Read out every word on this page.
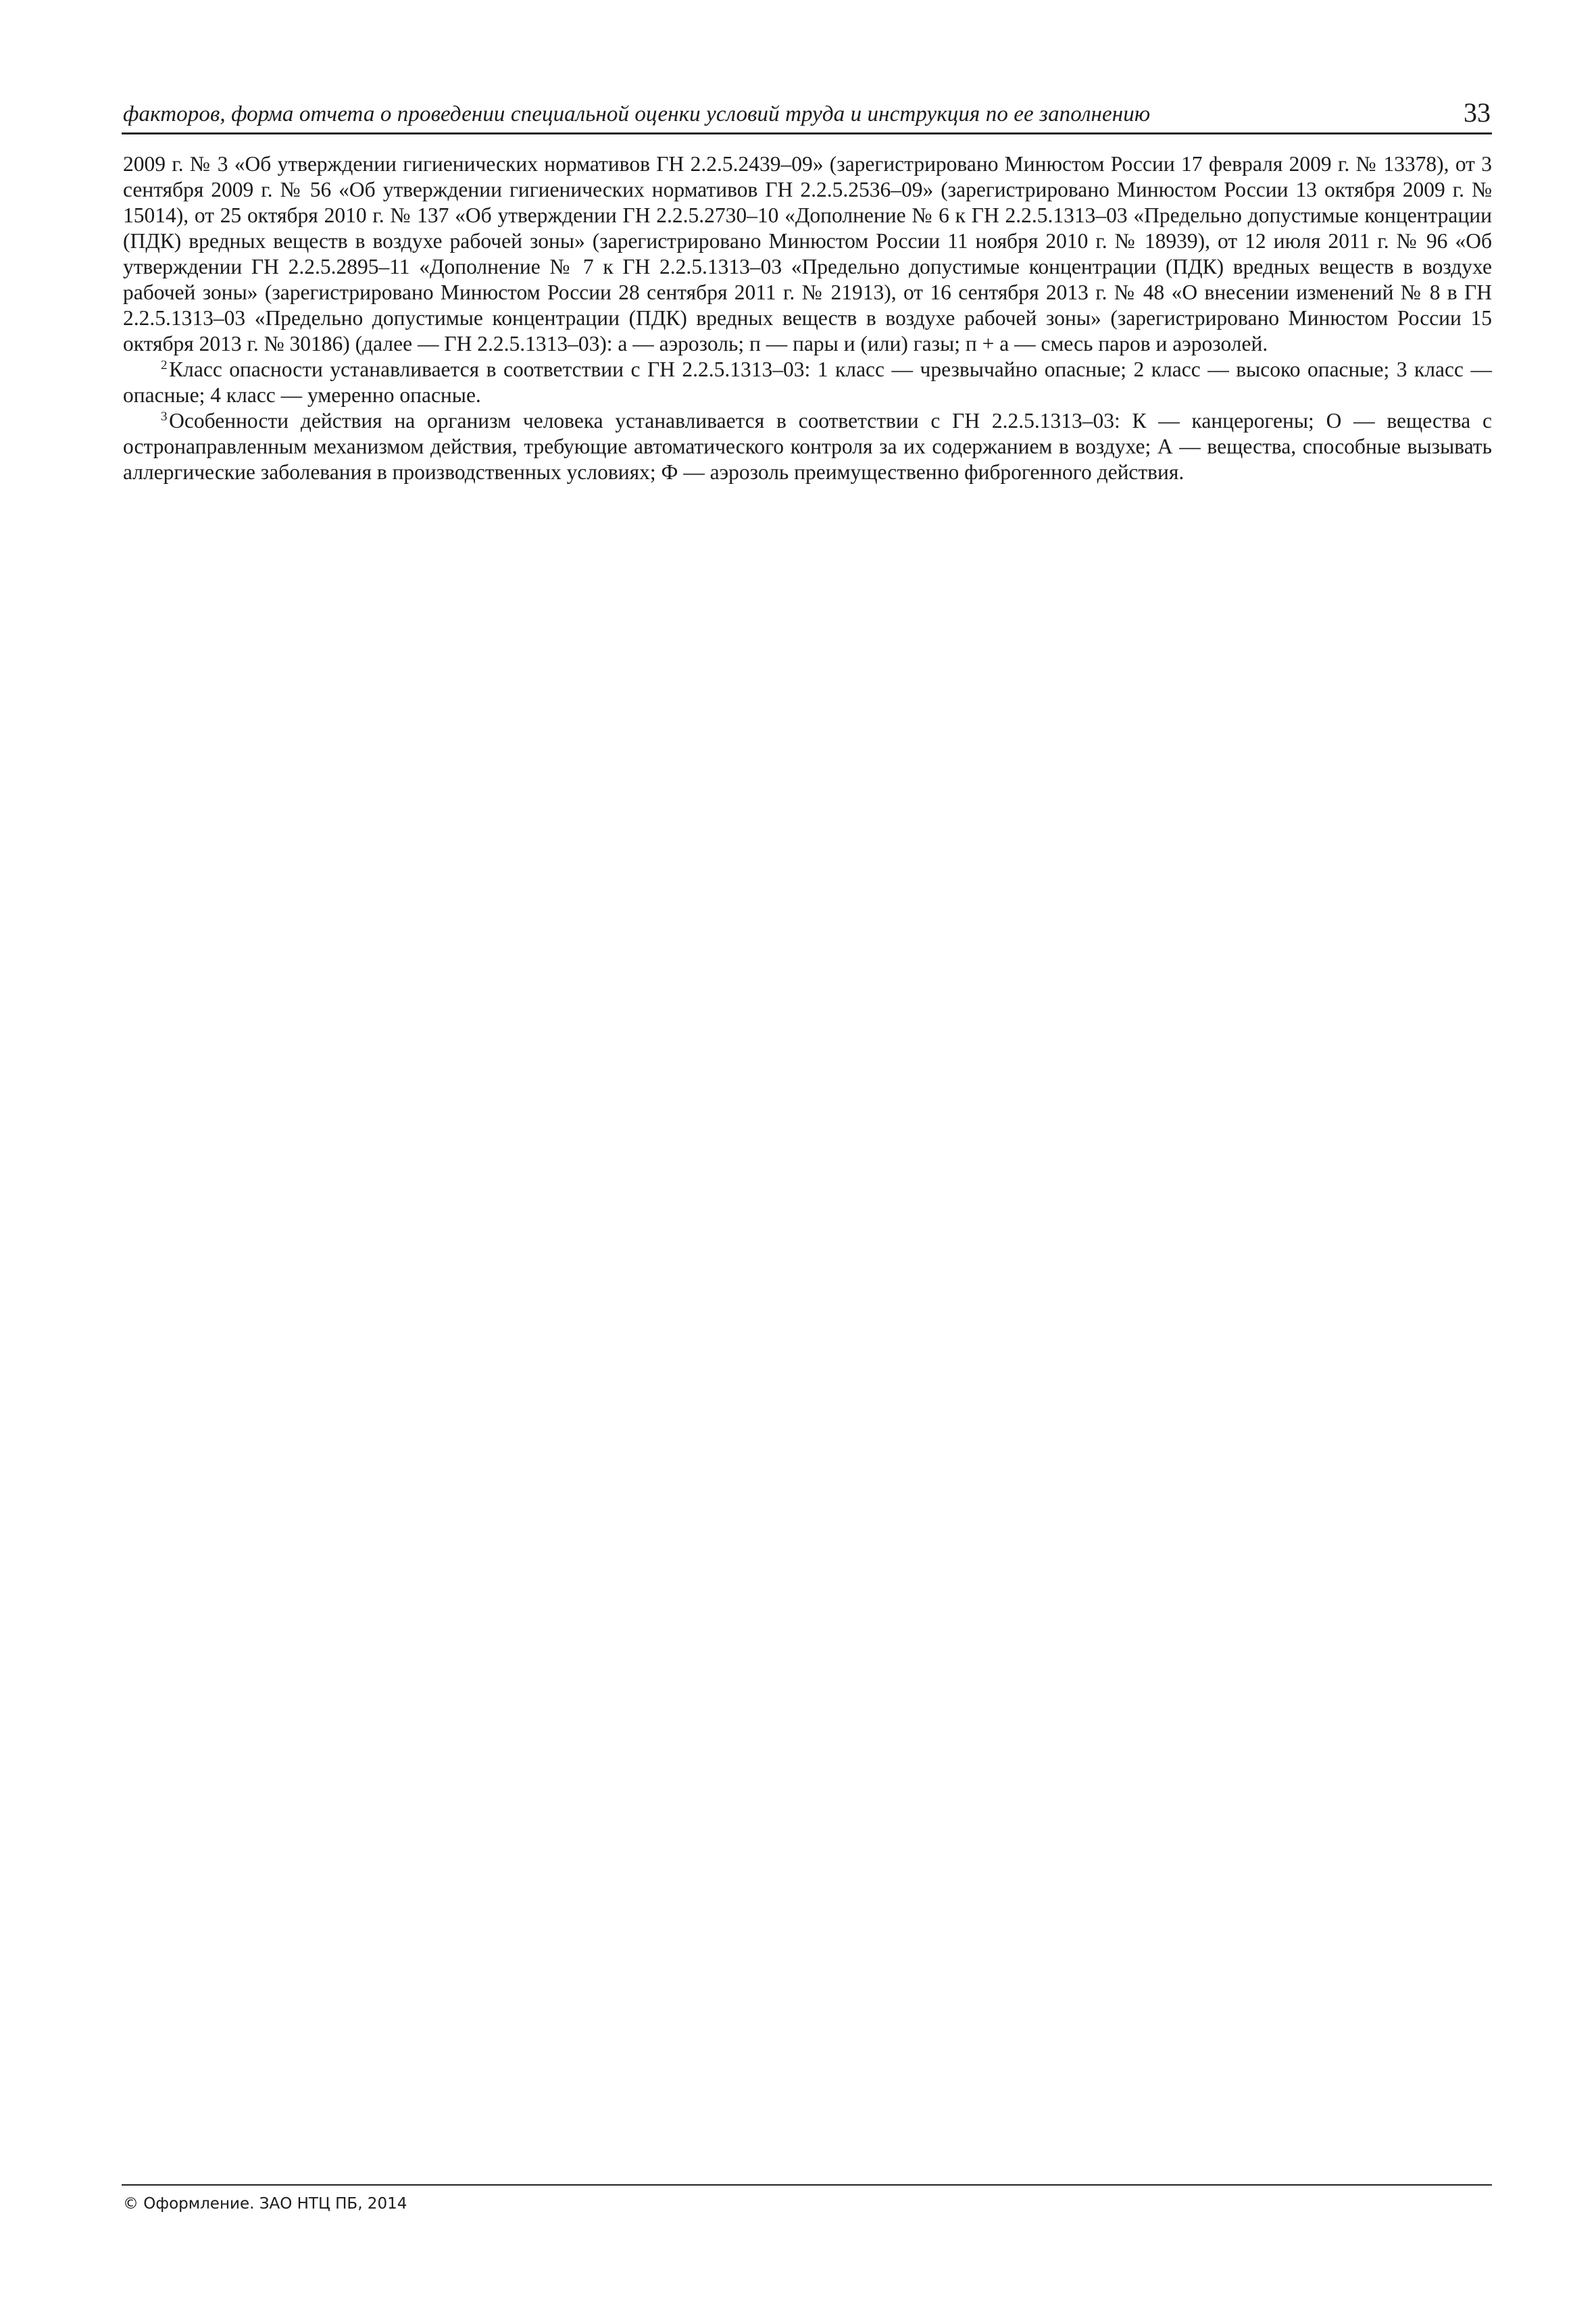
факторов, форма отчета о проведении специальной оценки условий труда и инструкция по ее заполнению	33

2009 г. № 3 «Об утверждении гигиенических нормативов ГН 2.2.5.2439–09» (зарегистрировано Минюстом России 17 февраля 2009 г. № 13378), от 3 сентября 2009 г. № 56 «Об утверждении гигиенических нормативов ГН 2.2.5.2536–09» (зарегистрировано Минюстом России 13 октября 2009 г. № 15014), от 25 октября 2010 г. № 137 «Об утверждении ГН 2.2.5.2730–10 «Дополнение № 6 к ГН 2.2.5.1313–03 «Предельно допустимые концентрации (ПДК) вредных веществ в воздухе рабочей зоны» (зарегистрировано Минюстом России 11 ноября 2010 г. № 18939), от 12 июля 2011 г. № 96 «Об утверждении ГН 2.2.5.2895–11 «Дополнение № 7 к ГН 2.2.5.1313–03 «Предельно допустимые концентрации (ПДК) вредных веществ в воздухе рабочей зоны» (зарегистрировано Минюстом России 28 сентября 2011 г. № 21913), от 16 сентября 2013 г. № 48 «О внесении изменений № 8 в ГН 2.2.5.1313–03 «Предельно допустимые концентрации (ПДК) вредных веществ в воздухе рабочей зоны» (зарегистрировано Минюстом России 15 октября 2013 г. № 30186) (далее — ГН 2.2.5.1313–03): а — аэрозоль; п — пары и (или) газы; п + а — смесь паров и аэрозолей.

$^2$ Класс опасности устанавливается в соответствии с ГН 2.2.5.1313–03: 1 класс — чрезвычайно опасные; 2 класс — высоко опасные; 3 класс — опасные; 4 класс — умеренно опасные.

$^3$ Особенности действия на организм человека устанавливается в соответствии с ГН 2.2.5.1313–03: К — канцерогены; О — вещества с остронаправленным механизмом действия, требующие автоматического контроля за их содержанием в воздухе; А — вещества, способные вызывать аллергические заболевания в производственных условиях; Ф — аэрозоль преимущественно фиброгенного действия.

© Оформление. ЗАО НТЦ ПБ, 2014
